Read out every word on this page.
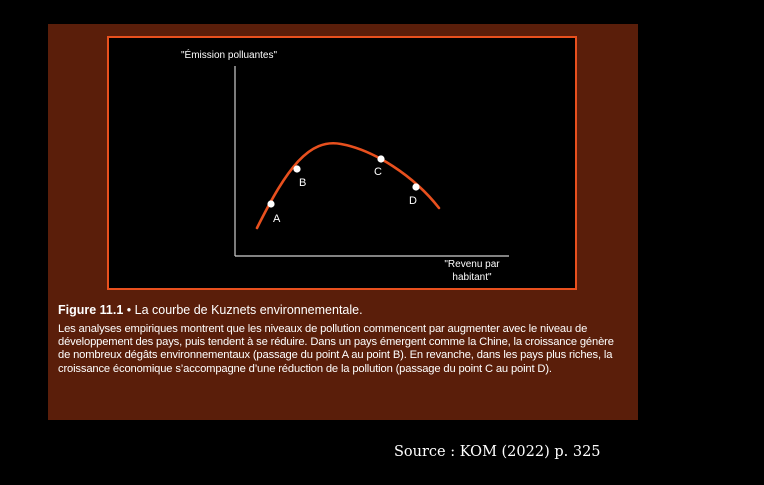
"Émission polluantes"
"Revenu par
habitant"
A
B
C
D

Figure 11.1 • La courbe de Kuznets environnementale.

Les analyses empiriques montrent que les niveaux de pollution commencent par augmenter avec le niveau de développement des pays, puis tendent à se réduire. Dans un pays émergent comme la Chine, la croissance génère de nombreux dégâts environnementaux (passage du point A au point B). En revanche, dans les pays plus riches, la croissance économique s’accompagne d’une réduction de la pollution (passage du point C au point D).

Source : KOM (2022) p. 325
